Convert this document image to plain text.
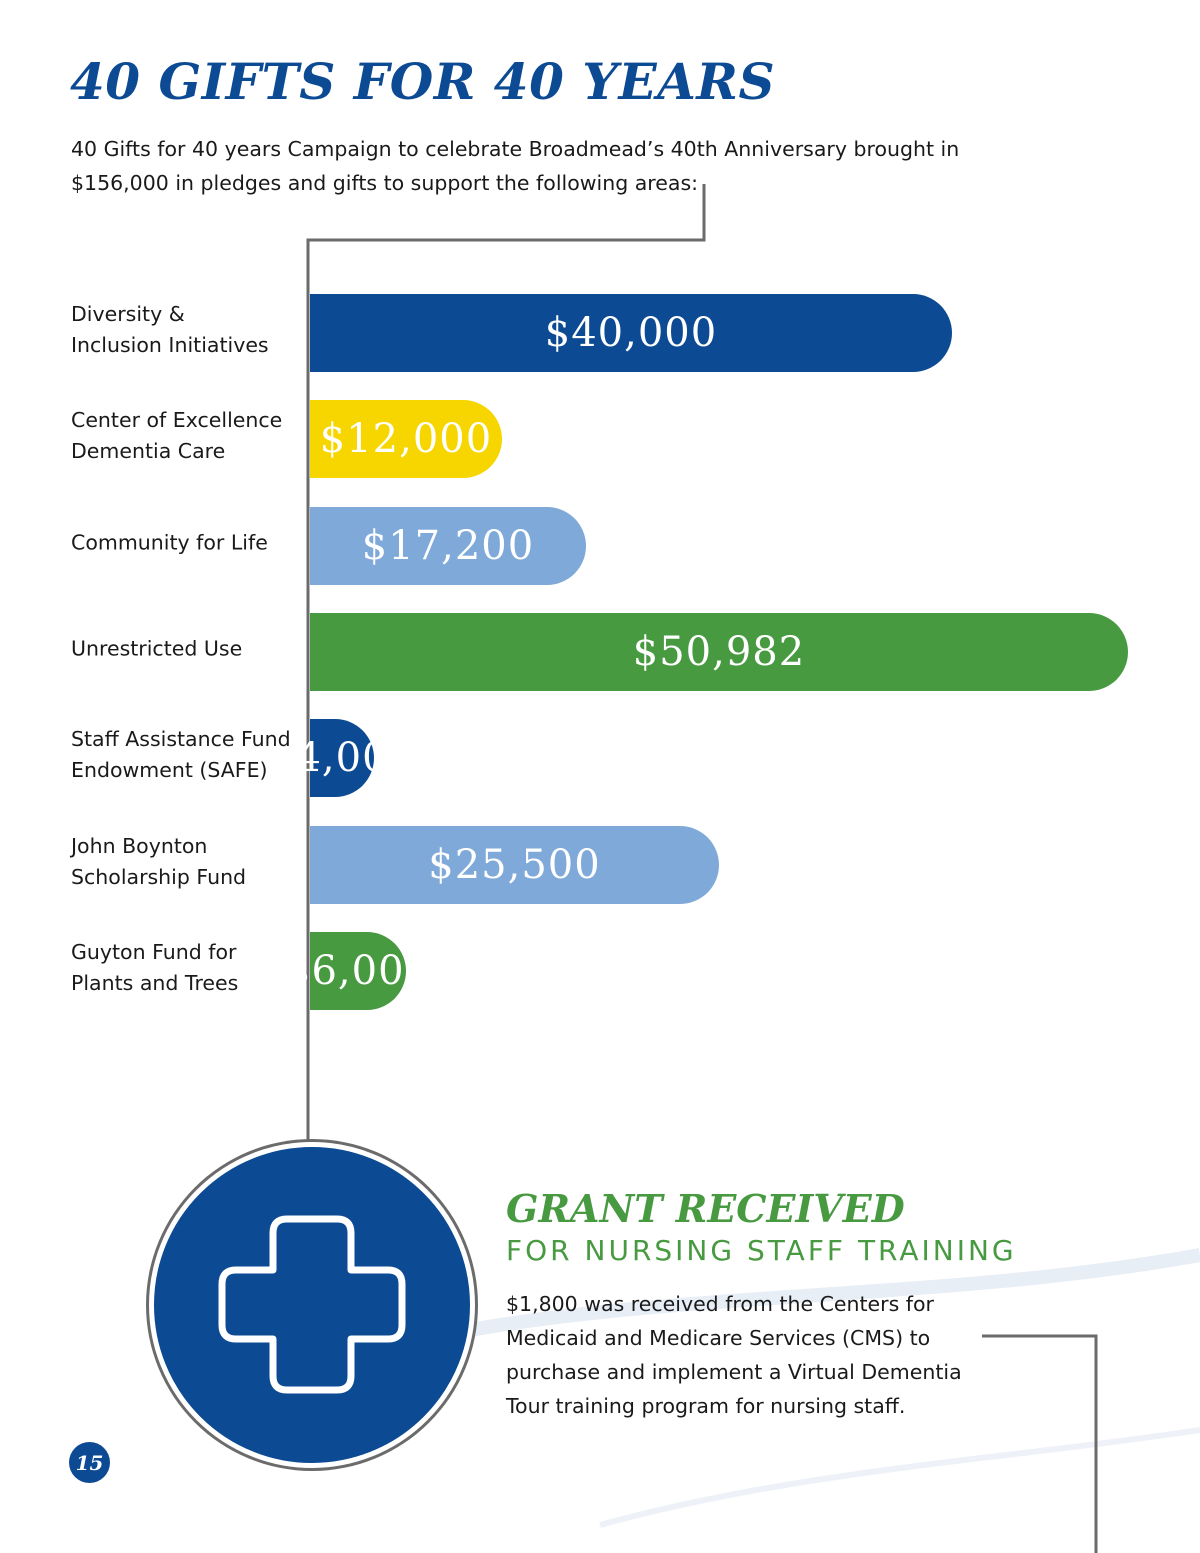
40 GIFTS FOR 40 YEARS

40 Gifts for 40 years Campaign to celebrate Broadmead’s 40th Anniversary brought in
$156,000 in pledges and gifts to support the following areas:

$40,000
Diversity &
Inclusion Initiatives
$12,000
Center of Excellence
Dementia Care
$17,200
Community for Life
$50,982
Unrestricted Use
$4,000
Staff Assistance Fund
Endowment (SAFE)
$25,500
John Boynton
Scholarship Fund
$6,000
Guyton Fund for
Plants and Trees
GRANT RECEIVED
FOR NURSING STAFF TRAINING

$1,800 was received from the Centers for
Medicaid and Medicare Services (CMS) to
purchase and implement a Virtual Dementia
Tour training program for nursing staff.

15
